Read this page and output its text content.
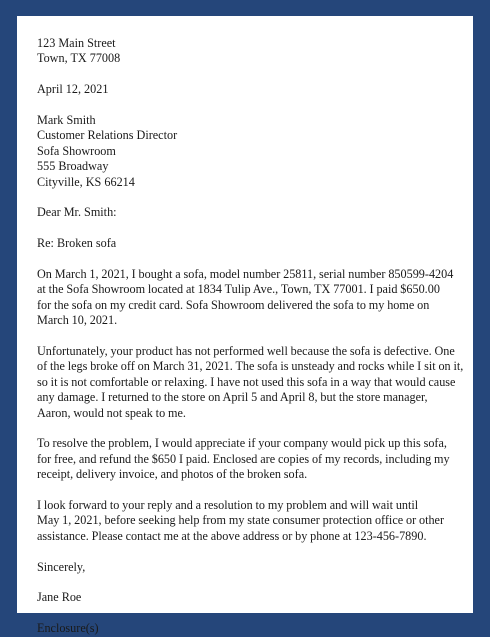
123 Main Street
Town, TX 77008
April 12, 2021
Mark Smith
Customer Relations Director
Sofa Showroom
555 Broadway
Cityville, KS 66214
Dear Mr. Smith:
Re: Broken sofa
On March 1, 2021, I bought a sofa, model number 25811, serial number 850599-4204
at the Sofa Showroom located at 1834 Tulip Ave., Town, TX 77001. I paid $650.00
for the sofa on my credit card. Sofa Showroom delivered the sofa to my home on
March 10, 2021.
Unfortunately, your product has not performed well because the sofa is defective. One
of the legs broke off on March 31, 2021. The sofa is unsteady and rocks while I sit on it,
so it is not comfortable or relaxing. I have not used this sofa in a way that would cause
any damage. I returned to the store on April 5 and April 8, but the store manager,
Aaron, would not speak to me.
To resolve the problem, I would appreciate if your company would pick up this sofa,
for free, and refund the $650 I paid. Enclosed are copies of my records, including my
receipt, delivery invoice, and photos of the broken sofa.
I look forward to your reply and a resolution to my problem and will wait until
May 1, 2021, before seeking help from my state consumer protection office or other
assistance. Please contact me at the above address or by phone at 123-456-7890.
Sincerely,
Jane Roe
Enclosure(s)
